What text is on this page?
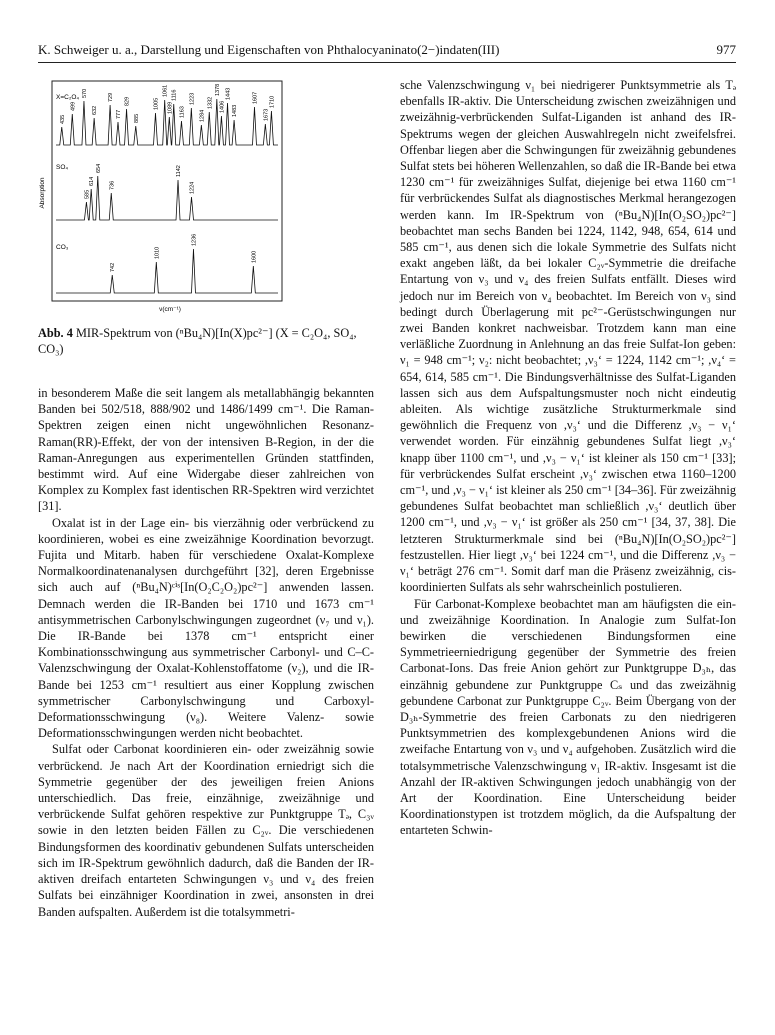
K. Schweiger u. a., Darstellung und Eigenschaften von Phthalocyaninato(2−)indaten(III)	977
Absorption
ν(cm⁻¹)
X=C₂O₄
435
499
570
632
729
777
829
885
1005
1061
1089
1116
1163
1223
1284
1332
1378
1406
1443
1483
1607
1673
1710
SO₄
585
614
654
736
1142
1224
CO₃
742
1010
1236
1600
Abb. 4 MIR-Spektrum von (ⁿBu₄N)[In(X)pc²⁻] (X = C₂O₄, SO₄, CO₃)

in besonderem Maße die seit langem als metallabhängig bekannten Banden bei 502/518, 888/902 und 1486/1499 cm⁻¹. Die Raman-Spektren zeigen einen nicht ungewöhnlichen Resonanz-Raman(RR)-Effekt, der von der intensiven B-Region, in der die Raman-Anregungen aus experimentellen Gründen stattfinden, bestimmt wird. Auf eine Widergabe dieser zahlreichen von Komplex zu Komplex fast identischen RR-Spektren wird verzichtet [31].

Oxalat ist in der Lage ein- bis vierzähnig oder verbrückend zu koordinieren, wobei es eine zweizähnige Koordination bevorzugt. Fujita und Mitarb. haben für verschiedene Oxalat-Komplexe Normalkoordinatenanalysen durchgeführt [32], deren Ergebnisse sich auch auf (ⁿBu₄N)ᶜⁱˢ[In(O₂C₂O₂)pc²⁻] anwenden lassen. Demnach werden die IR-Banden bei 1710 und 1673 cm⁻¹ antisymmetrischen Carbonylschwingungen zugeordnet (ν₇ und ν₁). Die IR-Bande bei 1378 cm⁻¹ entspricht einer Kombinationsschwingung aus symmetrischer Carbonyl- und C–C-Valenzschwingung der Oxalat-Kohlenstoffatome (ν₂), und die IR-Bande bei 1253 cm⁻¹ resultiert aus einer Kopplung zwischen symmetrischer Carbonylschwingung und Carboxyl-Deformationsschwingung (ν₈). Weitere Valenz- sowie Deformationsschwingungen werden nicht beobachtet.

Sulfat oder Carbonat koordinieren ein- oder zweizähnig sowie verbrückend. Je nach Art der Koordination erniedrigt sich die Symmetrie gegenüber der des jeweiligen freien Anions unterschiedlich. Das freie, einzähnige, zweizähnige und verbrückende Sulfat gehören respektive zur Punktgruppe Tₔ, C₃ᵥ sowie in den letzten beiden Fällen zu C₂ᵥ. Die verschiedenen Bindungsformen des koordinativ gebundenen Sulfats unterscheiden sich im IR-Spektrum gewöhnlich dadurch, daß die Banden der IR-aktiven dreifach entarteten Schwingungen ν₃ und ν₄ des freien Sulfats bei einzähniger Koordination in zwei, ansonsten in drei Banden aufspalten. Außerdem ist die totalsymmetri-

sche Valenzschwingung ν₁ bei niedrigerer Punktsymmetrie als Tₔ ebenfalls IR-aktiv. Die Unterscheidung zwischen zweizähnigen und zweizähnig-verbrückenden Sulfat-Liganden ist anhand des IR-Spektrums wegen der gleichen Auswahlregeln nicht zweifelsfrei. Offenbar liegen aber die Schwingungen für zweizähnig gebundenes Sulfat stets bei höheren Wellenzahlen, so daß die IR-Bande bei etwa 1230 cm⁻¹ für zweizähniges Sulfat, diejenige bei etwa 1160 cm⁻¹ für verbrückendes Sulfat als diagnostisches Merkmal herangezogen werden kann. Im IR-Spektrum von (ⁿBu₄N)[In(O₂SO₂)pc²⁻] beobachtet man sechs Banden bei 1224, 1142, 948, 654, 614 und 585 cm⁻¹, aus denen sich die lokale Symmetrie des Sulfats nicht exakt angeben läßt, da bei lokaler C₂ᵥ-Symmetrie die dreifache Entartung von ν₃ und ν₄ des freien Sulfats entfällt. Dieses wird jedoch nur im Bereich von ν₄ beobachtet. Im Bereich von ν₃ sind bedingt durch Überlagerung mit pc²⁻-Gerüstschwingungen nur zwei Banden konkret nachweisbar. Trotzdem kann man eine verläßliche Zuordnung in Anlehnung an das freie Sulfat-Ion geben: ν₁ = 948 cm⁻¹; ν₂: nicht beobachtet; ,ν₃‘ = 1224, 1142 cm⁻¹; ,ν₄‘ = 654, 614, 585 cm⁻¹. Die Bindungsverhältnisse des Sulfat-Liganden lassen sich aus dem Aufspaltungsmuster noch nicht eindeutig ableiten. Als wichtige zusätzliche Strukturmerkmale sind gewöhnlich die Frequenz von ,ν₃‘ und die Differenz ,ν₃ − ν₁‘ verwendet worden. Für einzähnig gebundenes Sulfat liegt ,ν₃‘ knapp über 1100 cm⁻¹, und ,ν₃ − ν₁‘ ist kleiner als 150 cm⁻¹ [33]; für verbrückendes Sulfat erscheint ,ν₃‘ zwischen etwa 1160–1200 cm⁻¹, und ,ν₃ − ν₁‘ ist kleiner als 250 cm⁻¹ [34–36]. Für zweizähnig gebundenes Sulfat beobachtet man schließlich ,ν₃‘ deutlich über 1200 cm⁻¹, und ,ν₃ − ν₁‘ ist größer als 250 cm⁻¹ [34, 37, 38]. Die letzteren Strukturmerkmale sind bei (ⁿBu₄N)[In(O₂SO₂)pc²⁻] festzustellen. Hier liegt ,ν₃‘ bei 1224 cm⁻¹, und die Differenz ,ν₃ − ν₁‘ beträgt 276 cm⁻¹. Somit darf man die Präsenz zweizähnig, cis-koordinierten Sulfats als sehr wahrscheinlich postulieren.

Für Carbonat-Komplexe beobachtet man am häufigsten die ein- und zweizähnige Koordination. In Analogie zum Sulfat-Ion bewirken die verschiedenen Bindungsformen eine Symmetrieerniedrigung gegenüber der Symmetrie des freien Carbonat-Ions. Das freie Anion gehört zur Punktgruppe D₃ₕ, das einzähnig gebundene zur Punktgruppe Cₛ und das zweizähnig gebundene Carbonat zur Punktgruppe C₂ᵥ. Beim Übergang von der D₃ₕ-Symmetrie des freien Carbonats zu den niedrigeren Punktsymmetrien des komplexgebundenen Anions wird die zweifache Entartung von ν₃ und ν₄ aufgehoben. Zusätzlich wird die totalsymmetrische Valenzschwingung ν₁ IR-aktiv. Insgesamt ist die Anzahl der IR-aktiven Schwingungen jedoch unabhängig von der Art der Koordination. Eine Unterscheidung beider Koordinationstypen ist trotzdem möglich, da die Aufspaltung der entarteten Schwin-
